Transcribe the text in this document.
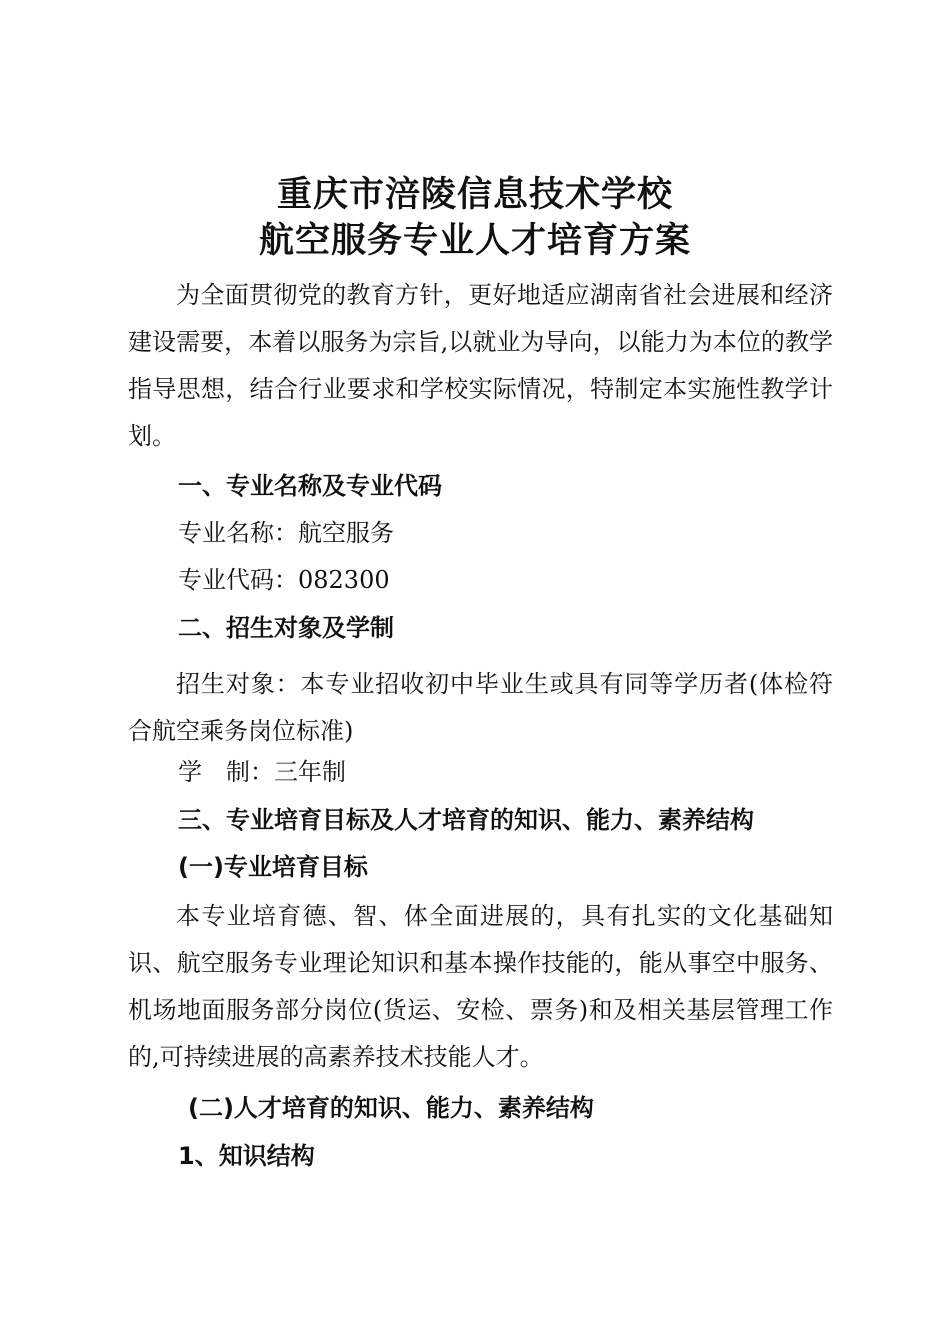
重庆市涪陵信息技术学校
航空服务专业人才培育方案
为全面贯彻党的教育方针，更好地适应湖南省社会进展和经济建设需要，本着以服务为宗旨,以就业为导向，以能力为本位的教学指导思想，结合行业要求和学校实际情况，特制定本实施性教学计划。
一、专业名称及专业代码
专业名称：航空服务
专业代码：082300
二、招生对象及学制
招生对象：本专业招收初中毕业生或具有同等学历者(体检符合航空乘务岗位标准)
学　制：三年制
三、专业培育目标及人才培育的知识、能力、素养结构
(一)专业培育目标
本专业培育德、智、体全面进展的，具有扎实的文化基础知识、航空服务专业理论知识和基本操作技能的，能从事空中服务、机场地面服务部分岗位(货运、安检、票务)和及相关基层管理工作的,可持续进展的高素养技术技能人才。
(二)人才培育的知识、能力、素养结构
1、知识结构
